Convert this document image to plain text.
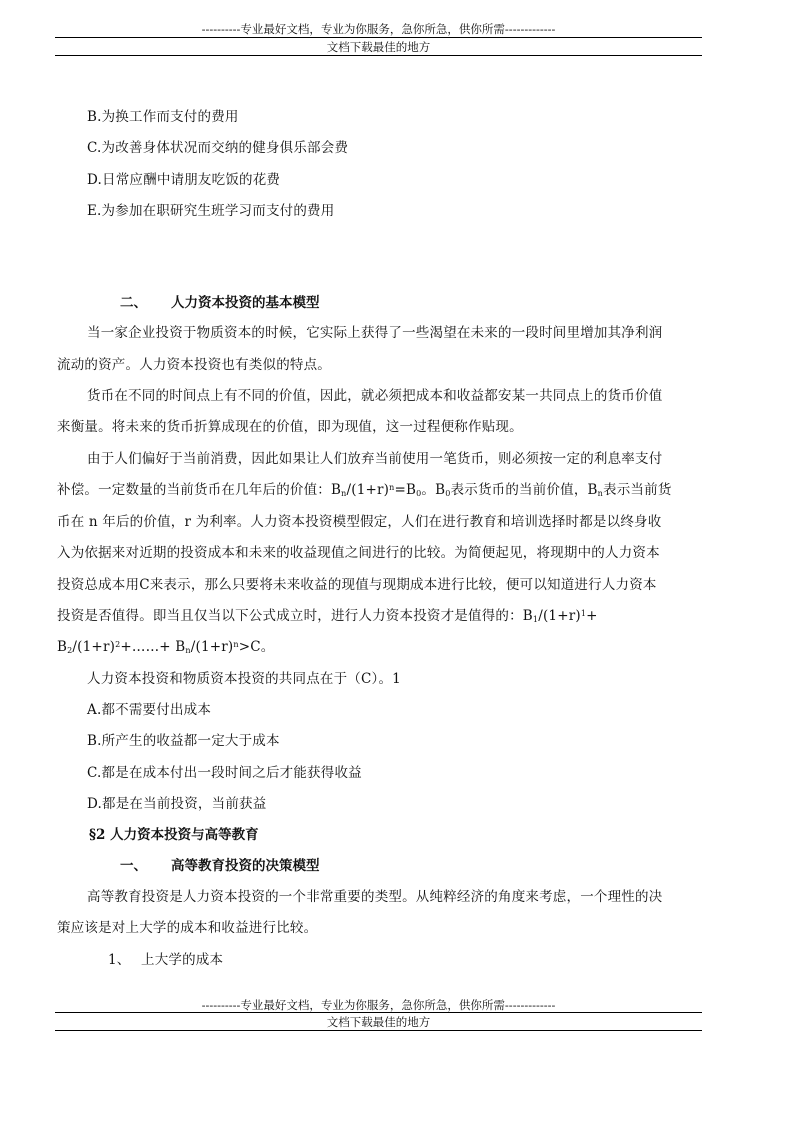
----------专业最好文档，专业为你服务，急你所急，供你所需-------------
文档下载最佳的地方
B.为换工作而支付的费用
C.为改善身体状况而交纳的健身俱乐部会费
D.日常应酬中请朋友吃饭的花费
E.为参加在职研究生班学习而支付的费用
二、 人力资本投资的基本模型
当一家企业投资于物质资本的时候，它实际上获得了一些渴望在未来的一段时间里增加其净利润
流动的资产。人力资本投资也有类似的特点。
货币在不同的时间点上有不同的价值，因此，就必须把成本和收益都安某一共同点上的货币价值
来衡量。将未来的货币折算成现在的价值，即为现值，这一过程便称作贴现。
由于人们偏好于当前消费，因此如果让人们放弃当前使用一笔货币，则必须按一定的利息率支付
补偿。一定数量的当前货币在几年后的价值：$B_n/(1+r)^n=B_0$。$B_0$表示货币的当前价值，$B_n$表示当前货
币在 n 年后的价值，r 为利率。人力资本投资模型假定，人们在进行教育和培训选择时都是以终身收
入为依据来对近期的投资成本和未来的收益现值之间进行的比较。为简便起见，将现期中的人力资本
投资总成本用C来表示，那么只要将未来收益的现值与现期成本进行比较，便可以知道进行人力资本
投资是否值得。即当且仅当以下公式成立时，进行人力资本投资才是值得的：$B_1/(1+r)^1+$
$B_2/(1+r)^2+\dots\dots+ B_n/(1+r)^n>C$。
人力资本投资和物质资本投资的共同点在于（C）。1
A.都不需要付出成本
B.所产生的收益都一定大于成本
C.都是在成本付出一段时间之后才能获得收益
D.都是在当前投资，当前获益
§2 人力资本投资与高等教育
一、 高等教育投资的决策模型
高等教育投资是人力资本投资的一个非常重要的类型。从纯粹经济的角度来考虑，一个理性的决
策应该是对上大学的成本和收益进行比较。
1、 上大学的成本
----------专业最好文档，专业为你服务，急你所急，供你所需-------------
文档下载最佳的地方
